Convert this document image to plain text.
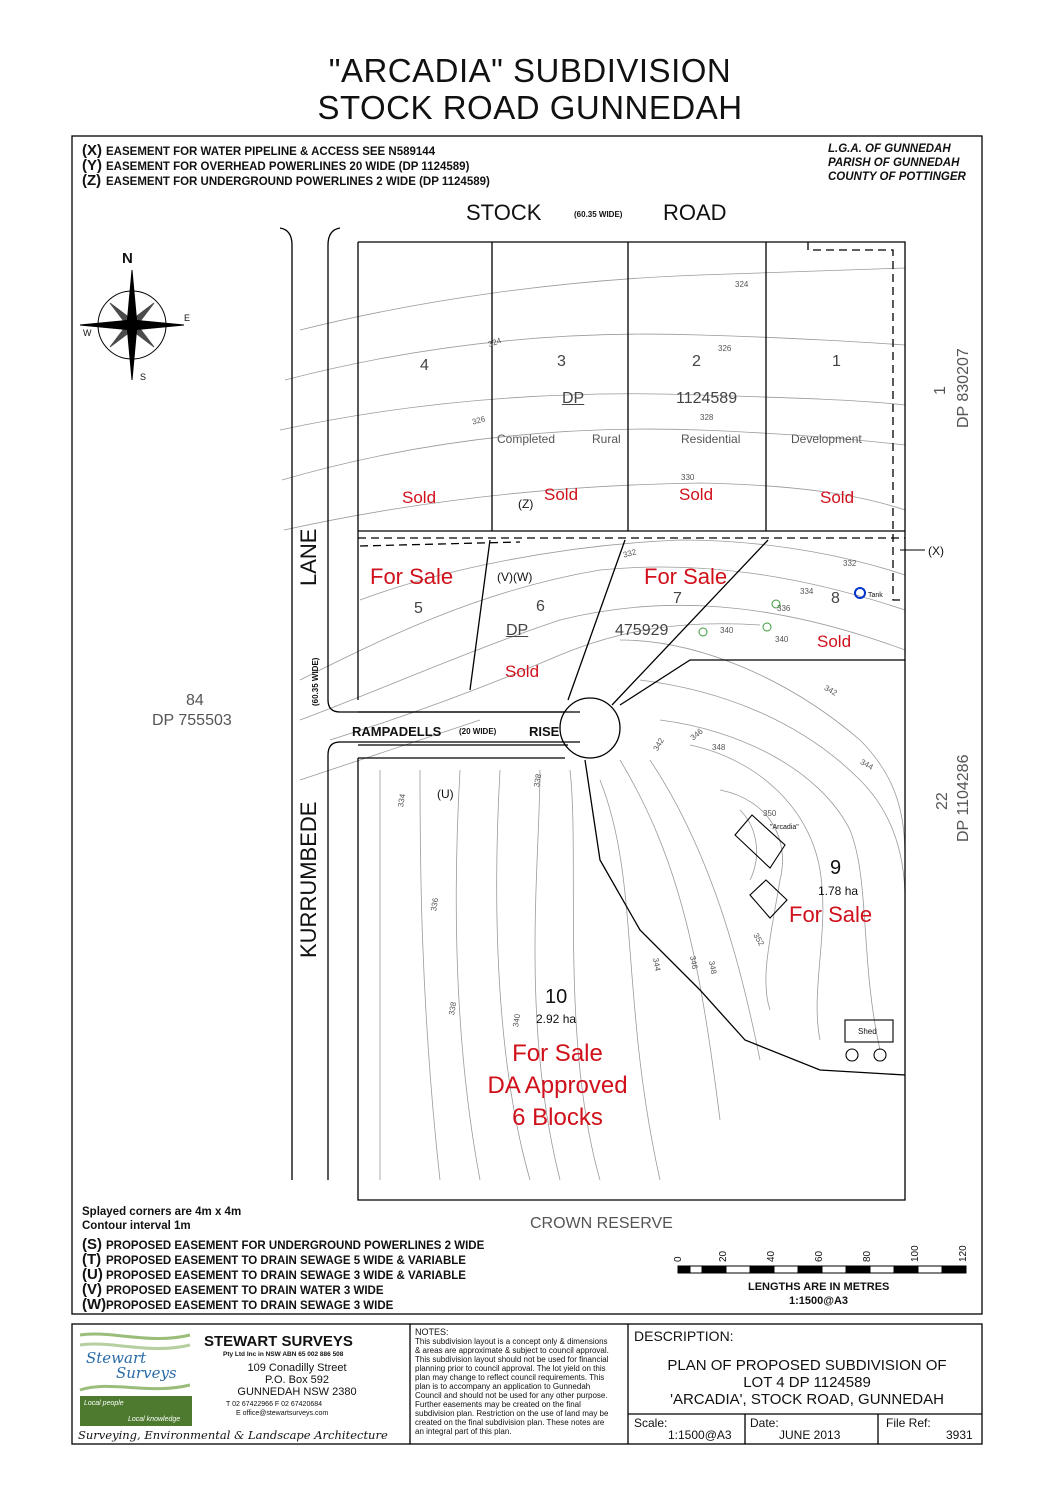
"ARCADIA" SUBDIVISION
STOCK ROAD GUNNEDAH
(X) EASEMENT FOR WATER PIPELINE & ACCESS SEE N589144
(Y) EASEMENT FOR OVERHEAD POWERLINES 20 WIDE (DP 1124589)
(Z) EASEMENT FOR UNDERGROUND POWERLINES 2 WIDE (DP 1124589)
L.G.A. OF GUNNEDAH
PARISH OF GUNNEDAH
COUNTY OF POTTINGER
STOCK	(60.35 WIDE) ROAD
LANE
(60.35 WIDE)
KURRUMBEDE
RAMPADELLS (20 WIDE)	RISE
CROWN RESERVE
N
E
S
W
1 DP 830207
84
DP 755503
22 DP 1104286
4	3	2	1
DP	1124589
Completed	Rural	Residential	Development
5	6	7	8
DP	475929
9
1.78 ha
10
2.92 ha
Sold	Sold	Sold	Sold
For Sale	For Sale
Sold
Sold
For Sale
For Sale
DA Approved
6 Blocks
(X)
(Z)
(V)(W)
(U)
Tank
Shed
"Arcadia"
324
324	326
326	328
330
332
332
334
336
340
340
342
342
344
346
348
350
352
334
336
338
338
340
344	346 348
Splayed corners are 4m x 4m
Contour interval 1m
(S) PROPOSED EASEMENT FOR UNDERGROUND POWERLINES 2 WIDE
(T) PROPOSED EASEMENT TO DRAIN SEWAGE 5 WIDE & VARIABLE
(U) PROPOSED EASEMENT TO DRAIN SEWAGE 3 WIDE & VARIABLE
(V) PROPOSED EASEMENT TO DRAIN WATER 3 WIDE
(W)PROPOSED EASEMENT TO DRAIN SEWAGE 3 WIDE
0	20	40	60	80	100	120
LENGTHS ARE IN METRES
1:1500@A3
Stewart
Surveys
Local people
Local knowledge
STEWART SURVEYS
Pty Ltd Inc in NSW ABN 65 002 886 508
109 Conadilly Street
P.O. Box 592
GUNNEDAH NSW 2380
T 02 67422966 F 02 67420684
E office@stewartsurveys.com
Surveying, Environmental & Landscape Architecture
NOTES:
This subdivision layout is a concept only & dimensions
& areas are approximate & subject to council approval.
This subdivision layout should not be used for financial
planning prior to council approval. The lot yield on this
plan may change to reflect council requirements. This
plan is to accompany an application to Gunnedah
Council and should not be used for any other purpose.
Further easements may be created on the final
subdivision plan. Restriction on the use of land may be
created on the final subdivision plan. These notes are
an integral part of this plan.
DESCRIPTION:
PLAN OF PROPOSED SUBDIVISION OF
LOT 4 DP 1124589
'ARCADIA', STOCK ROAD, GUNNEDAH
Scale:
1:1500@A3
Date:
JUNE 2013
File Ref:
3931
